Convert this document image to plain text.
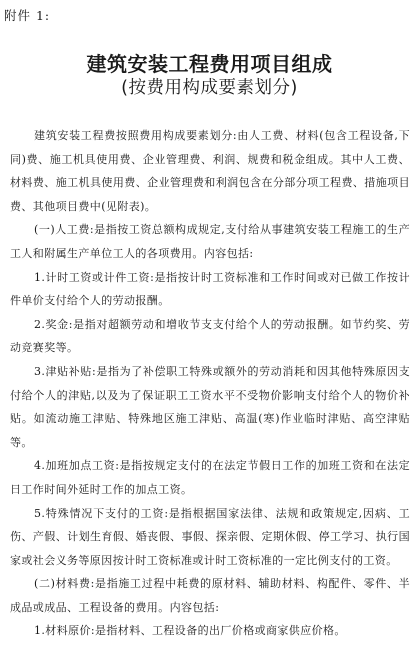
附件 1:
建筑安装工程费用项目组成
(按费用构成要素划分)

建筑安装工程费按照费用构成要素划分:由人工费、材料(包含工程设备,下同)费、施工机具使用费、企业管理费、利润、规费和税金组成。其中人工费、材料费、施工机具使用费、企业管理费和利润包含在分部分项工程费、措施项目费、其他项目费中(见附表)。

(一)人工费:是指按工资总额构成规定,支付给从事建筑安装工程施工的生产工人和附属生产单位工人的各项费用。内容包括:

1.计时工资或计件工资:是指按计时工资标准和工作时间或对已做工作按计件单价支付给个人的劳动报酬。

2.奖金:是指对超额劳动和增收节支支付给个人的劳动报酬。如节约奖、劳动竞赛奖等。

3.津贴补贴:是指为了补偿职工特殊或额外的劳动消耗和因其他特殊原因支付给个人的津贴,以及为了保证职工工资水平不受物价影响支付给个人的物价补贴。如流动施工津贴、特殊地区施工津贴、高温(寒)作业临时津贴、高空津贴等。

4.加班加点工资:是指按规定支付的在法定节假日工作的加班工资和在法定日工作时间外延时工作的加点工资。

5.特殊情况下支付的工资:是指根据国家法律、法规和政策规定,因病、工伤、产假、计划生育假、婚丧假、事假、探亲假、定期休假、停工学习、执行国家或社会义务等原因按计时工资标准或计时工资标准的一定比例支付的工资。

(二)材料费:是指施工过程中耗费的原材料、辅助材料、构配件、零件、半成品或成品、工程设备的费用。内容包括:

1.材料原价:是指材料、工程设备的出厂价格或商家供应价格。
